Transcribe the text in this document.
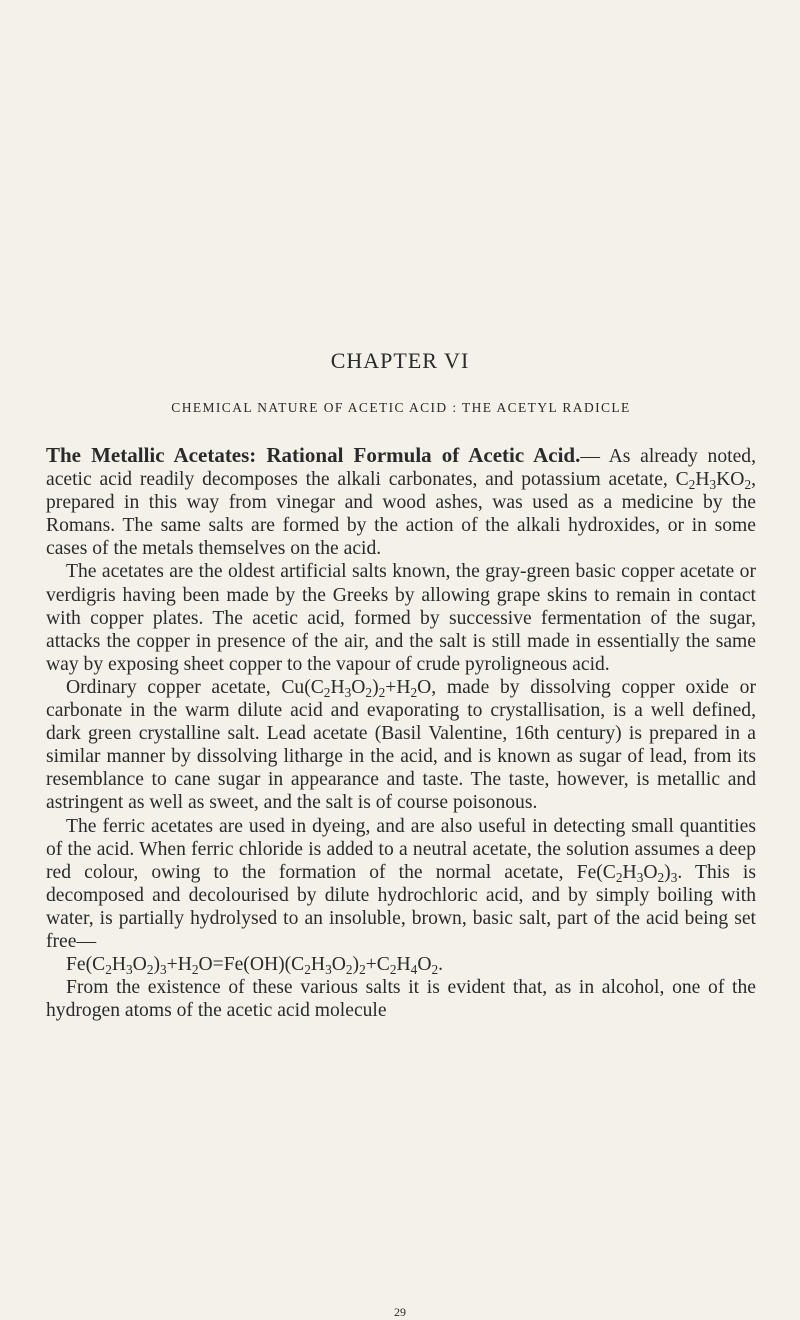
CHAPTER VI
CHEMICAL NATURE OF ACETIC ACID : THE ACETYL RADICLE

The Metallic Acetates: Rational Formula of Acetic Acid.— As already noted, acetic acid readily decomposes the alkali carbonates, and potassium acetate, $C_2H_3KO_2$, prepared in this way from vinegar and wood ashes, was used as a medicine by the Romans. The same salts are formed by the action of the alkali hydroxides, or in some cases of the metals themselves on the acid.

The acetates are the oldest artificial salts known, the gray-green basic copper acetate or verdigris having been made by the Greeks by allowing grape skins to remain in contact with copper plates. The acetic acid, formed by successive fermentation of the sugar, attacks the copper in presence of the air, and the salt is still made in essentially the same way by exposing sheet copper to the vapour of crude pyroligneous acid.

Ordinary copper acetate, $Cu(C_2H_3O_2)_2+H_2O$, made by dissolving copper oxide or carbonate in the warm dilute acid and evaporating to crystallisation, is a well defined, dark green crystalline salt. Lead acetate (Basil Valentine, 16th century) is prepared in a similar manner by dissolving litharge in the acid, and is known as sugar of lead, from its resemblance to cane sugar in appearance and taste. The taste, however, is metallic and astringent as well as sweet, and the salt is of course poisonous.

The ferric acetates are used in dyeing, and are also useful in detecting small quantities of the acid. When ferric chloride is added to a neutral acetate, the solution assumes a deep red colour, owing to the formation of the normal acetate, $Fe(C_2H_3O_2)_3$. This is decomposed and decolourised by dilute hydrochloric acid, and by simply boiling with water, is partially hydrolysed to an insoluble, brown, basic salt, part of the acid being set free—

$Fe(C_2H_3O_2)_3+H_2O=Fe(OH)(C_2H_3O_2)_2+C_2H_4O_2$.

From the existence of these various salts it is evident that, as in alcohol, one of the hydrogen atoms of the acetic acid molecule

29
